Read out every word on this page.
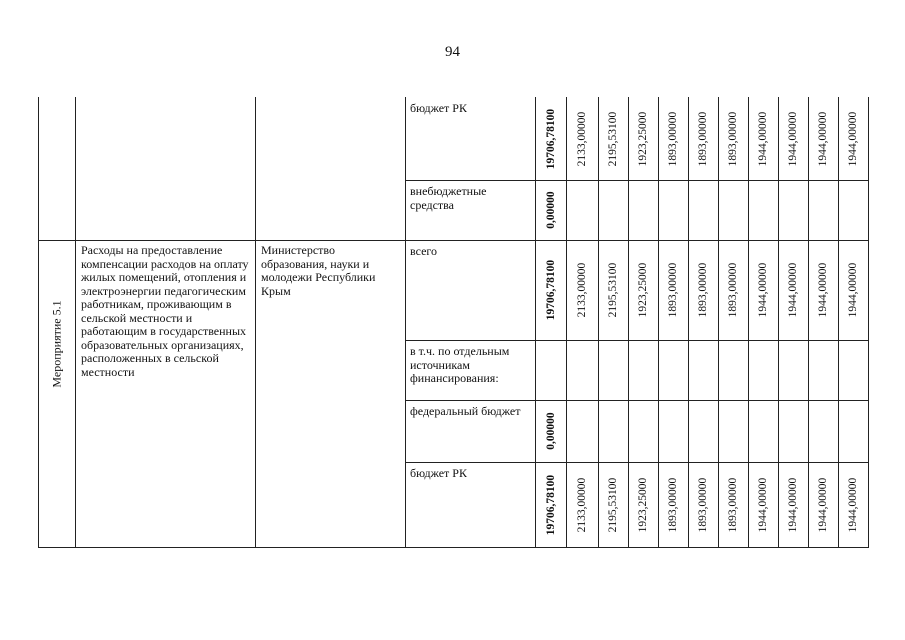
94
Мероприятие 5.1
Расходы на предоставление компенсации расходов на оплату жилых помещений, отопления и электроэнергии педагогическим работникам, проживающим в сельской местности и работающим в государственных образовательных организациях, расположенных в сельской местности
Министерство образования, науки и молодежи Республики Крым
бюджет РК
19706,78100 2133,00000 2195,53100 1923,25000 1893,00000 1893,00000 1893,00000 1944,00000 1944,00000 1944,00000 1944,00000
внебюджетные средства	0,00000
всего
19706,78100 2133,00000 2195,53100 1923,25000 1893,00000 1893,00000 1893,00000 1944,00000 1944,00000 1944,00000 1944,00000
в т.ч. по отдельным источникам финансирования:
федеральный бюджет
0,00000
бюджет РК
19706,78100 2133,00000 2195,53100 1923,25000 1893,00000 1893,00000 1893,00000 1944,00000 1944,00000 1944,00000 1944,00000
